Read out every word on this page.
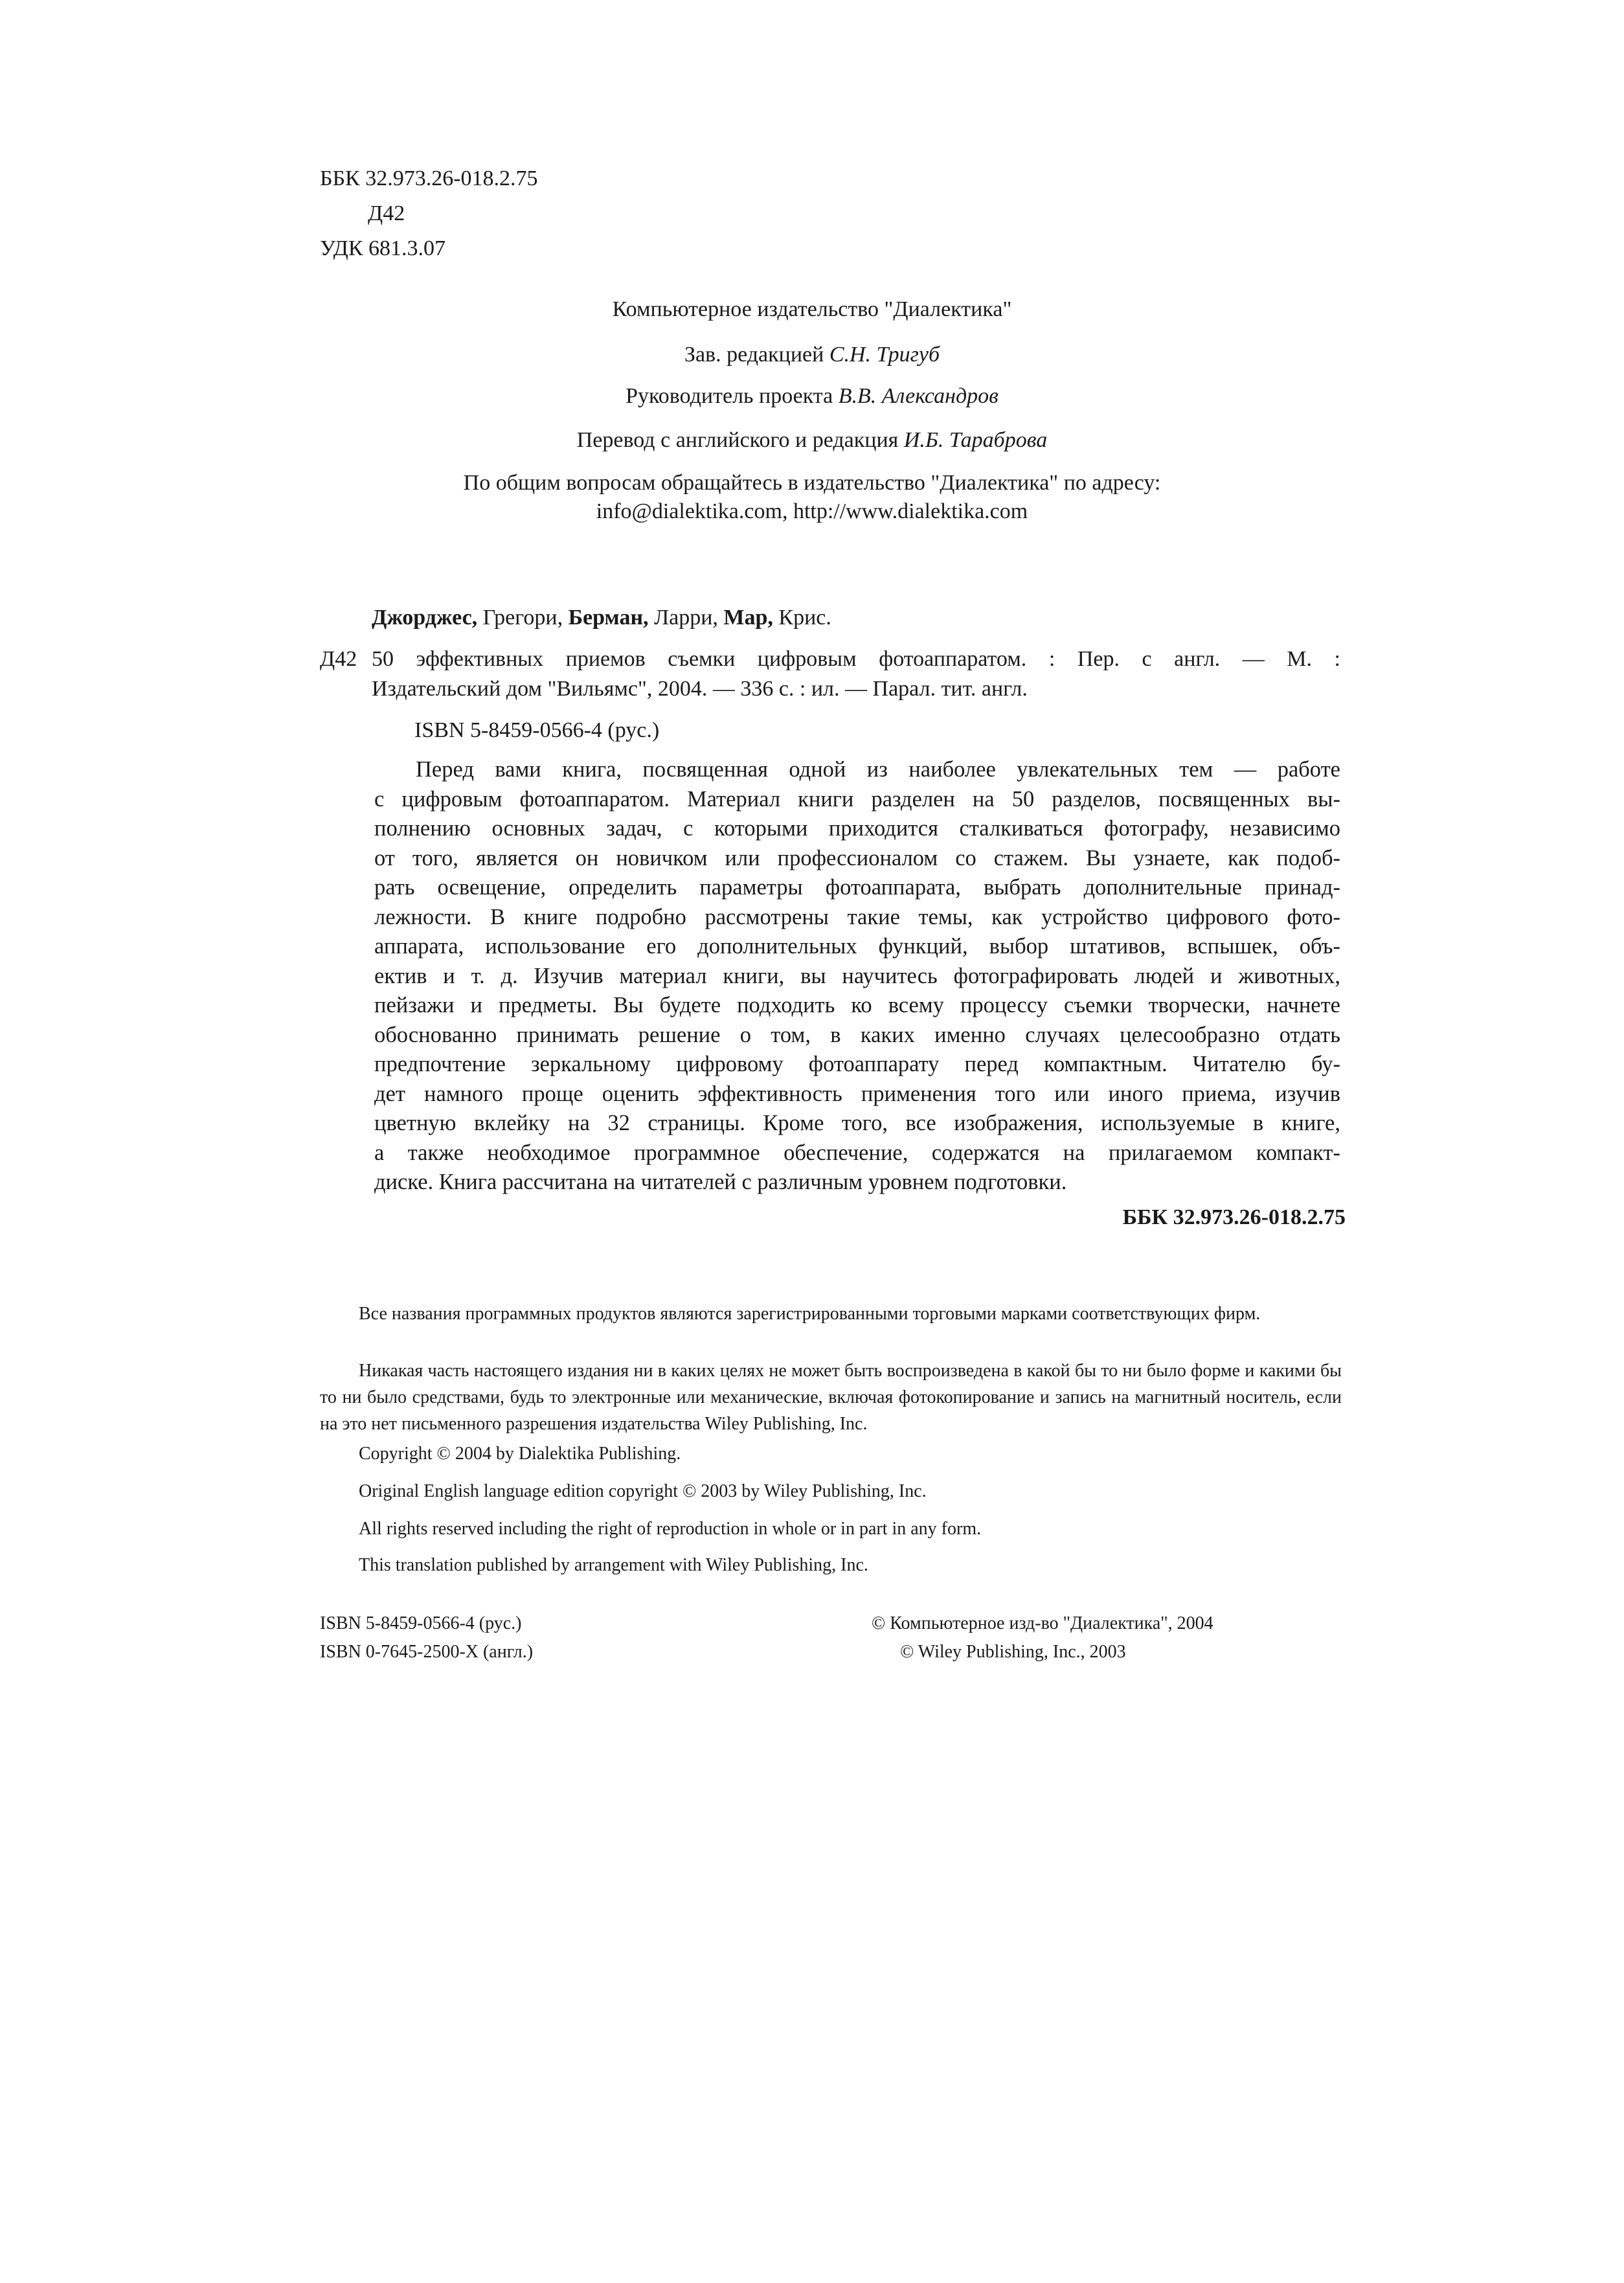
ББК 32.973.26-018.2.75
Д42
УДК 681.3.07
Компьютерное издательство "Диалектика"
Зав. редакцией С.Н. Тригуб
Руководитель проекта В.В. Александров
Перевод с английского и редакция И.Б. Тараброва
По общим вопросам обращайтесь в издательство "Диалектика" по адресу:
info@dialektika.com, http://www.dialektika.com
Джорджес, Грегори, Берман, Ларри, Мар, Крис.
Д42 50 эффективных приемов съемки цифровым фотоаппаратом. : Пер. с англ. — М. :
Издательский дом "Вильямс", 2004. — 336 с. : ил. — Парал. тит. англ.
ISBN 5-8459-0566-4 (рус.)

Перед вами книга, посвященная одной из наиболее увлекательных тем — работе

с цифровым фотоаппаратом. Материал книги разделен на 50 разделов, посвященных вы-

полнению основных задач, с которыми приходится сталкиваться фотографу, независимо

от того, является он новичком или профессионалом со стажем. Вы узнаете, как подоб-

рать освещение, определить параметры фотоаппарата, выбрать дополнительные принад-

лежности. В книге подробно рассмотрены такие темы, как устройство цифрового фото-

аппарата, использование его дополнительных функций, выбор штативов, вспышек, объ-

ектив и т. д. Изучив материал книги, вы научитесь фотографировать людей и животных,

пейзажи и предметы. Вы будете подходить ко всему процессу съемки творчески, начнете

обоснованно принимать решение о том, в каких именно случаях целесообразно отдать

предпочтение зеркальному цифровому фотоаппарату перед компактным. Читателю бу-

дет намного проще оценить эффективность применения того или иного приема, изучив

цветную вклейку на 32 страницы. Кроме того, все изображения, используемые в книге,

а также необходимое программное обеспечение, содержатся на прилагаемом компакт-

диске. Книга рассчитана на читателей с различным уровнем подготовки.

ББК 32.973.26-018.2.75
Все названия программных продуктов являются зарегистрированными торговыми марками соответствующих фирм.
Никакая часть настоящего издания ни в каких целях не может быть воспроизведена в какой бы то ни было форме и какими бы то ни было средствами, будь то электронные или механические, включая фотокопирование и запись на магнитный носитель, если на это нет письменного разрешения издательства Wiley Publishing, Inc.
Copyright © 2004 by Dialektika Publishing.
Original English language edition copyright © 2003 by Wiley Publishing, Inc.
All rights reserved including the right of reproduction in whole or in part in any form.
This translation published by arrangement with Wiley Publishing, Inc.
ISBN 5-8459-0566-4 (рус.)
ISBN 0-7645-2500-X (англ.)
© Компьютерное изд-во "Диалектика", 2004
© Wiley Publishing, Inc., 2003
